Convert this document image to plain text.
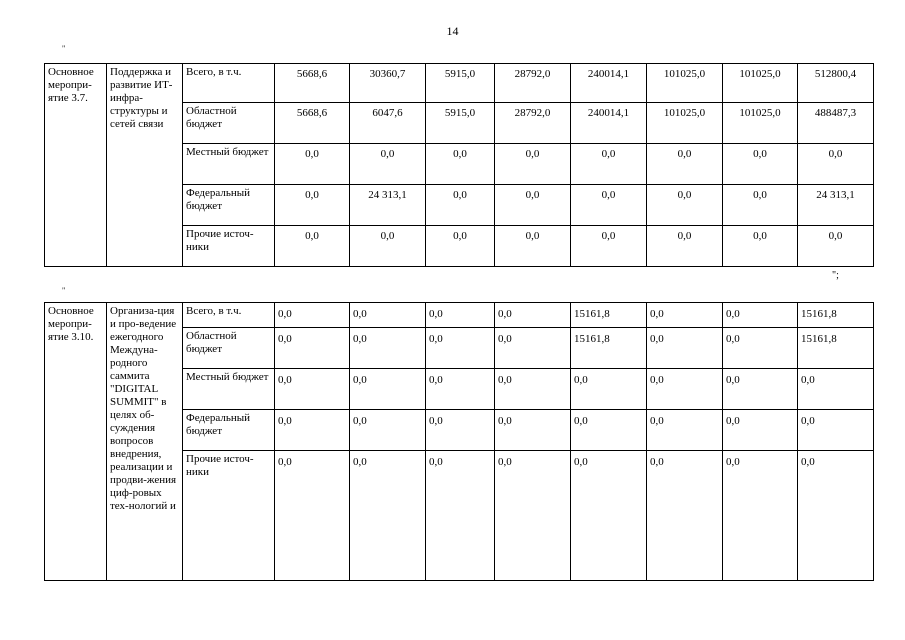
14
"
Основное меропри-ятие 3.7.	Поддержка и развитие ИТ-инфра-структуры и сетей связи	Всего, в т.ч.	5668,6	30360,7	5915,0	28792,0	240014,1	101025,0	101025,0	512800,4
		Областной бюджет	5668,6	6047,6	5915,0	28792,0	240014,1	101025,0	101025,0	488487,3
		Местный бюджет	0,0	0,0	0,0	0,0	0,0	0,0	0,0	0,0
		Федеральный бюджет	0,0	24 313,1	0,0	0,0	0,0	0,0	0,0	24 313,1
		Прочие источ-ники	0,0	0,0	0,0	0,0	0,0	0,0	0,0	0,0
";
"
Основное меропри-ятие 3.10.	Организа-ция и про-ведение ежегодного Междуна-родного саммита "DIGITAL SUMMIT" в целях об-суждения вопросов внедрения, реализации и продви-жения циф-ровых тех-нологий и	Всего, в т.ч.	0,0	0,0	0,0	0,0	15161,8	0,0	0,0	15161,8
		Областной бюджет	0,0	0,0	0,0	0,0	15161,8	0,0	0,0	15161,8
		Местный бюджет	0,0	0,0	0,0	0,0	0,0	0,0	0,0	0,0
		Федеральный бюджет	0,0	0,0	0,0	0,0	0,0	0,0	0,0	0,0
		Прочие источ-ники	0,0	0,0	0,0	0,0	0,0	0,0	0,0	0,0
